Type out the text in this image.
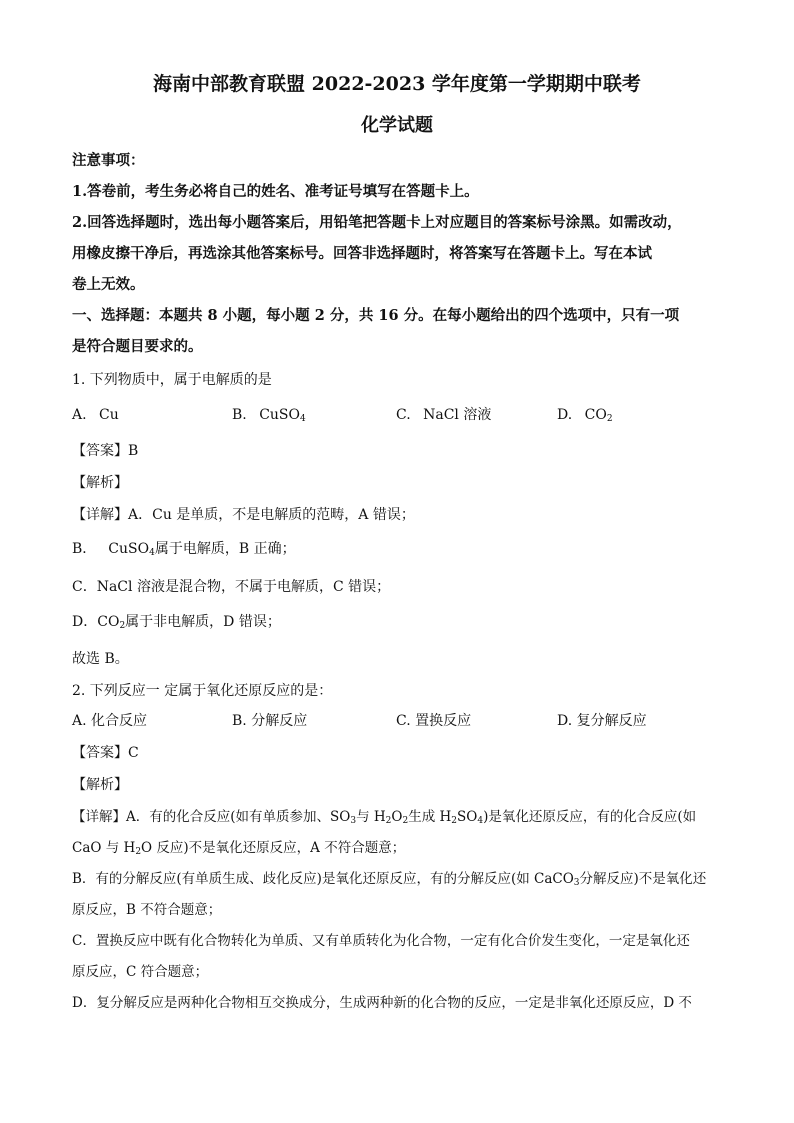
海南中部教育联盟 2022-2023 学年度第一学期期中联考
化学试题
注意事项：
1.答卷前，考生务必将自己的姓名、准考证号填写在答题卡上。
2.回答选择题时，选出每小题答案后，用铅笔把答题卡上对应题目的答案标号涂黑。如需改动，
用橡皮擦干净后，再选涂其他答案标号。回答非选择题时，将答案写在答题卡上。写在本试
卷上无效。
一、选择题：本题共 8 小题，每小题 2 分，共 16 分。在每小题给出的四个选项中，只有一项
是符合题目要求的。
1. 下列物质中，属于电解质的是
A. Cu	B. CuSO$_4$	C. NaCl 溶液	D. $CO_2$
【答案】B
【解析】
【详解】A．Cu 是单质，不是电解质的范畴，A 错误；
B． CuSO$_4$属于电解质，B 正确；
C．NaCl 溶液是混合物，不属于电解质，C 错误；
D．$CO_2$属于非电解质，D 错误；
故选 B。
2. 下列反应一 定属于氧化还原反应的是：
A. 化合反应	B. 分解反应	C. 置换反应	D. 复分解反应
【答案】C
【解析】
【详解】A．有的化合反应(如有单质参加、$SO_3$与 $H_2O_2$生成 $H_2SO_4$)是氧化还原反应，有的化合反应(如
CaO 与 $H_2O$ 反应)不是氧化还原反应，A 不符合题意；
B．有的分解反应(有单质生成、歧化反应)是氧化还原反应，有的分解反应(如 CaCO$_3$分解反应)不是氧化还
原反应，B 不符合题意；
C．置换反应中既有化合物转化为单质、又有单质转化为化合物，一定有化合价发生变化，一定是氧化还
原反应，C 符合题意；
D．复分解反应是两种化合物相互交换成分，生成两种新的化合物的反应，一定是非氧化还原反应，D 不
